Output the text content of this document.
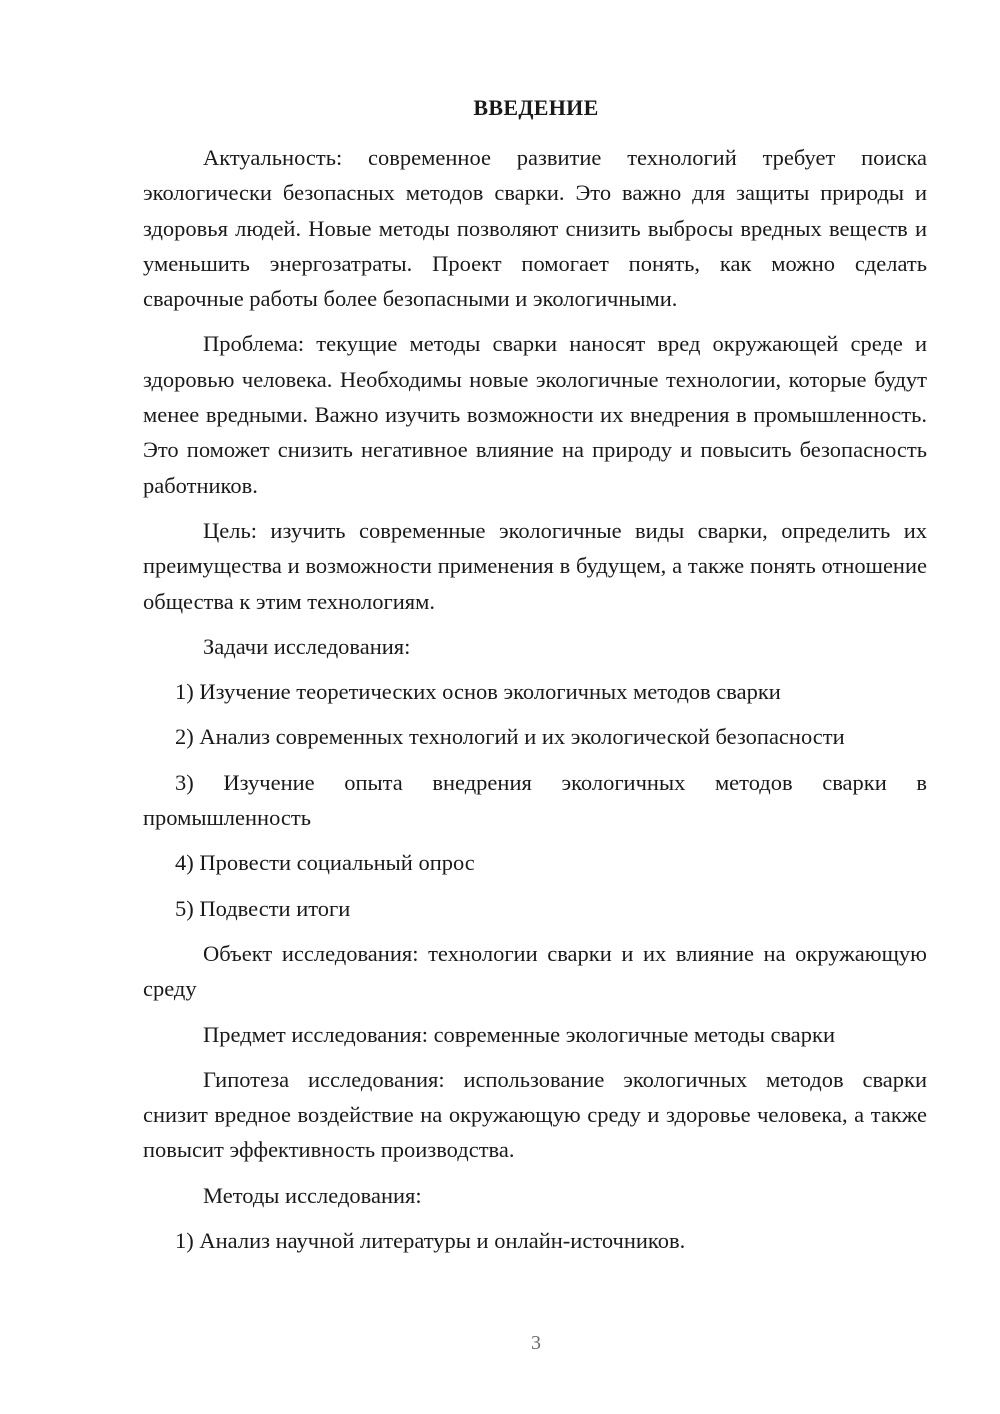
ВВЕДЕНИЕ

Актуальность: современное развитие технологий требует поиска экологически безопасных методов сварки. Это важно для защиты природы и здоровья людей. Новые методы позволяют снизить выбросы вредных веществ и уменьшить энергозатраты. Проект помогает понять, как можно сделать сварочные работы более безопасными и экологичными.

Проблема: текущие методы сварки наносят вред окружающей среде и здоровью человека. Необходимы новые экологичные технологии, которые будут менее вредными. Важно изучить возможности их внедрения в промышленность. Это поможет снизить негативное влияние на природу и повысить безопасность работников.

Цель: изучить современные экологичные виды сварки, определить их преимущества и возможности применения в будущем, а также понять отношение общества к этим технологиям.

Задачи исследования:

1) Изучение теоретических основ экологичных методов сварки

2) Анализ современных технологий и их экологической безопасности

3) Изучение опыта внедрения экологичных методов сварки в промышленность

4) Провести социальный опрос

5) Подвести итоги

Объект исследования: технологии сварки и их влияние на окружающую среду

Предмет исследования: современные экологичные методы сварки

Гипотеза исследования: использование экологичных методов сварки снизит вредное воздействие на окружающую среду и здоровье человека, а также повысит эффективность производства.

Методы исследования:

1) Анализ научной литературы и онлайн-источников.

3
